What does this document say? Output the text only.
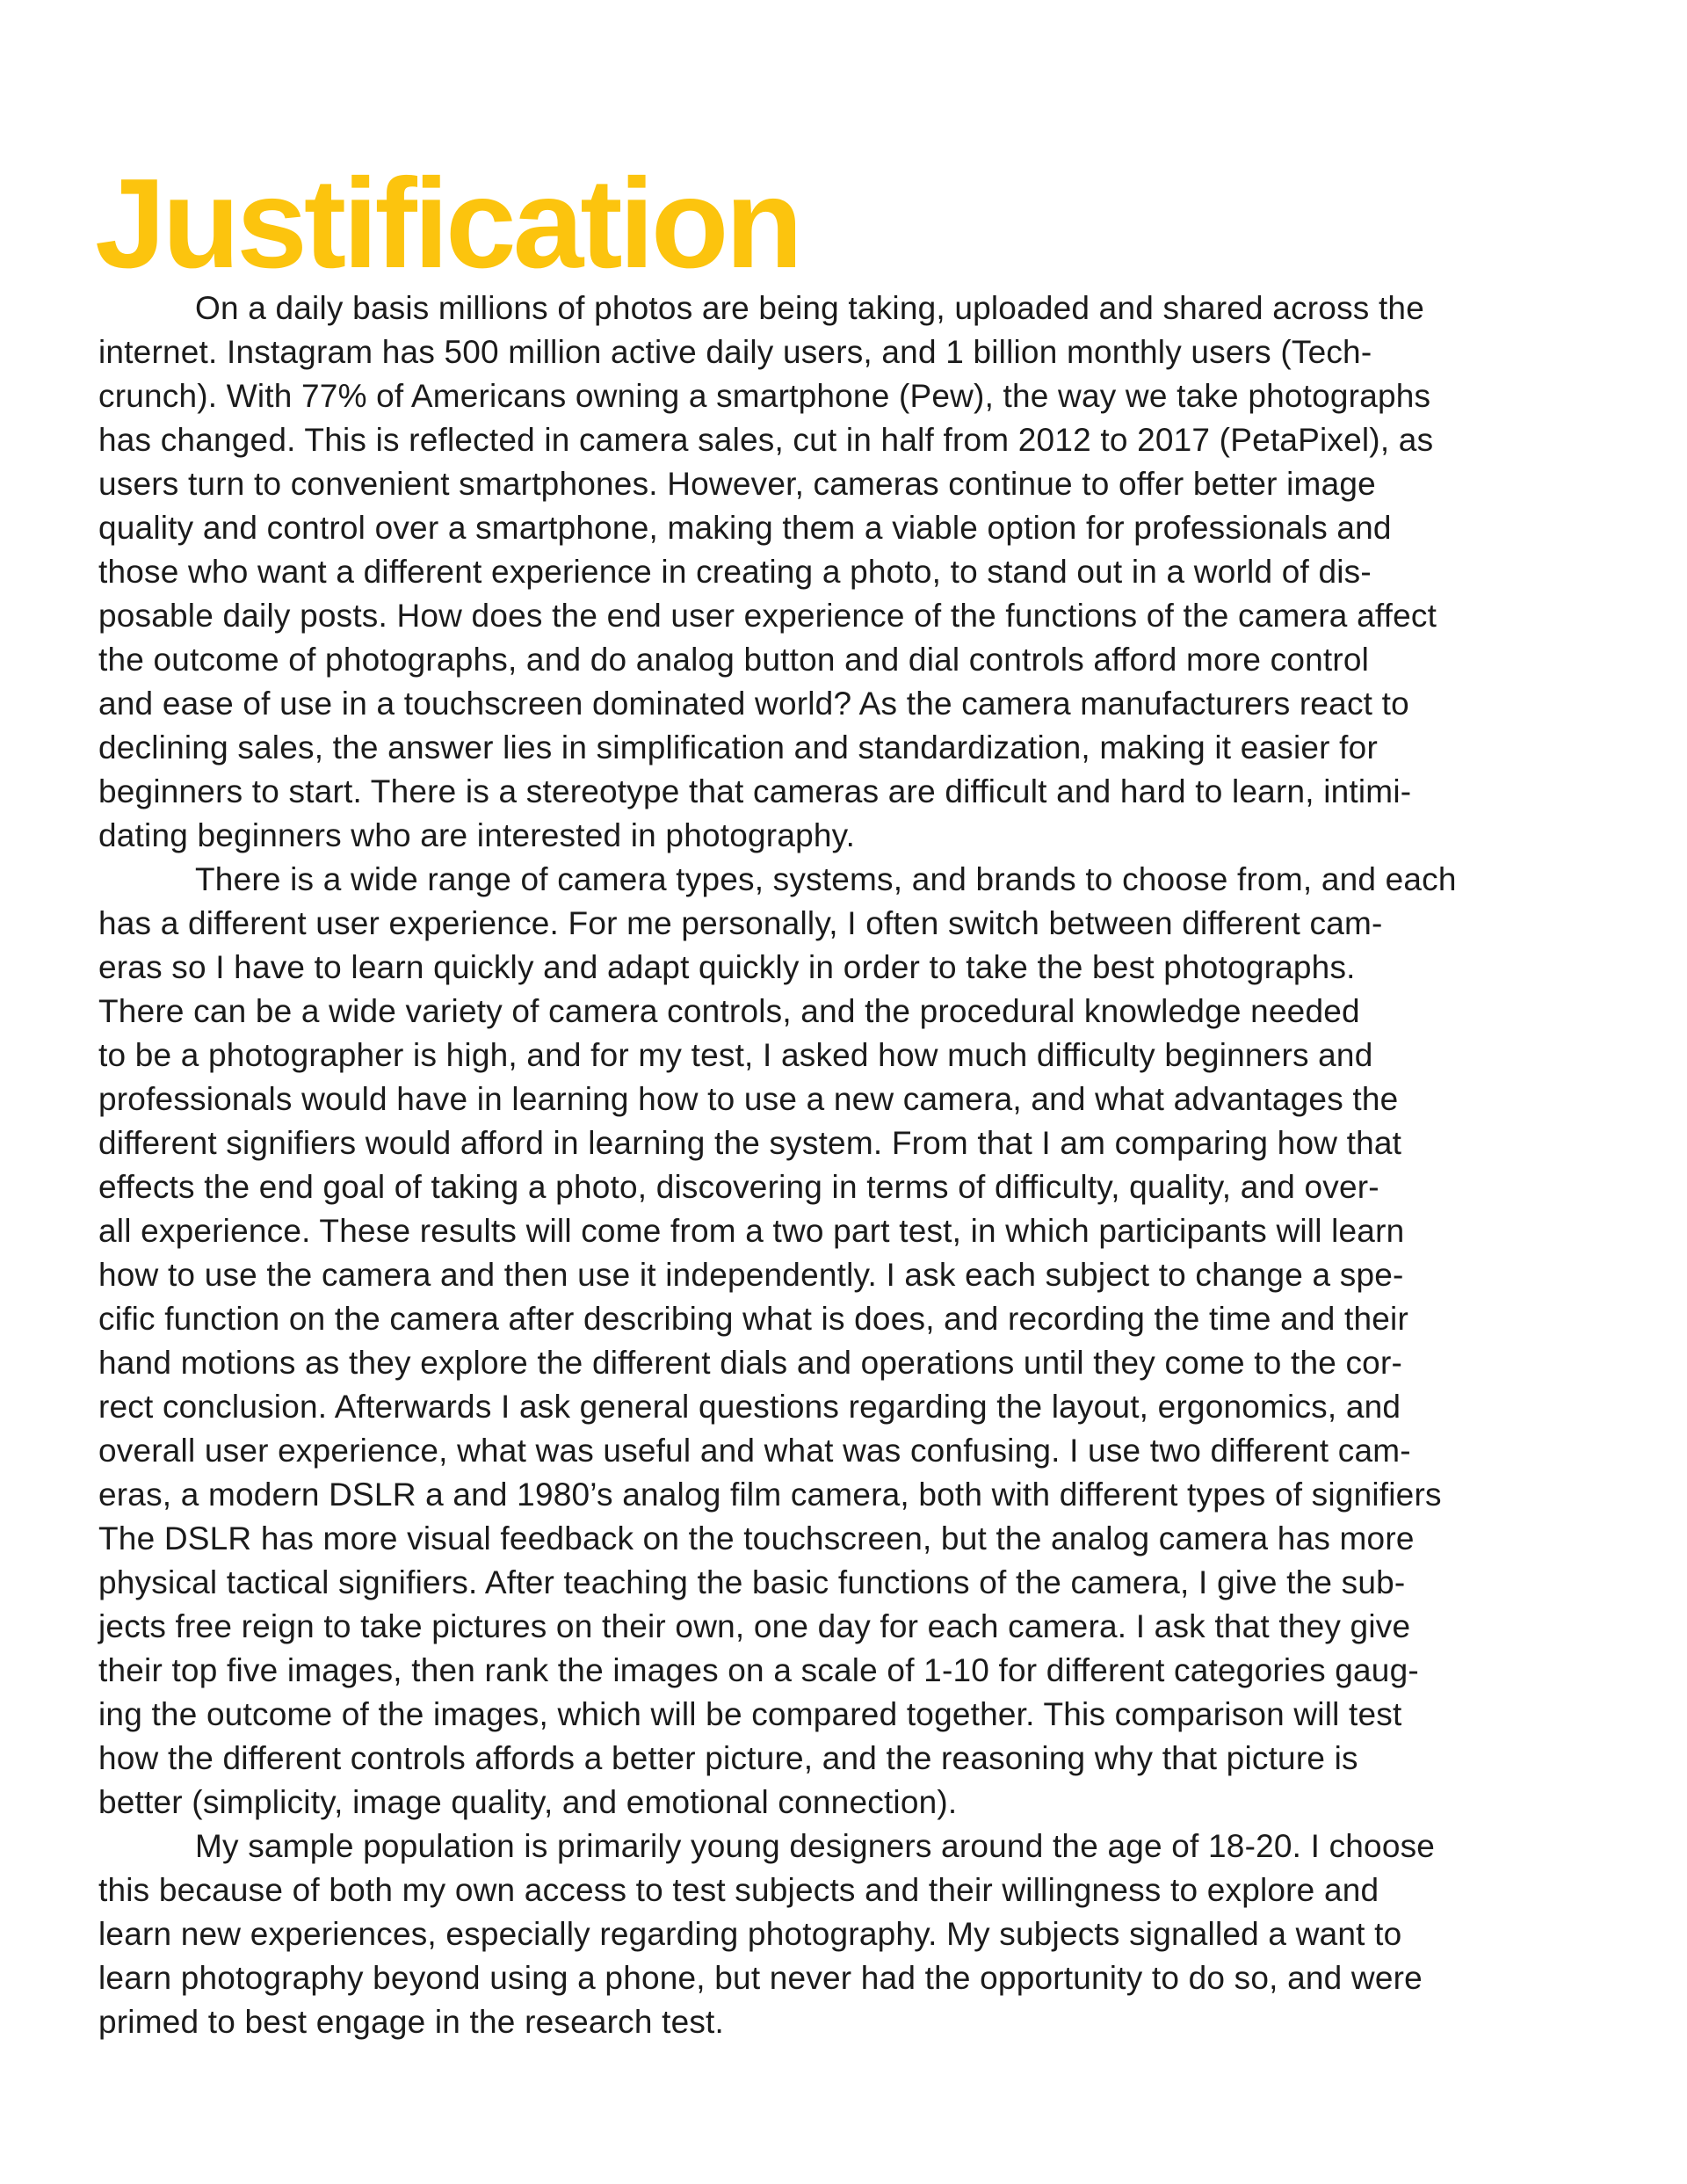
Justification

On a daily basis millions of photos are being taking, uploaded and shared across the
internet. Instagram has 500 million active daily users, and 1 billion monthly users (Tech-
crunch). With 77% of Americans owning a smartphone (Pew), the way we take photographs
has changed. This is reflected in camera sales, cut in half from 2012 to 2017 (PetaPixel), as
users turn to convenient smartphones. However, cameras continue to offer better image
quality and control over a smartphone, making them a viable option for professionals and
those who want a different experience in creating a photo, to stand out in a world of dis-
posable daily posts. How does the end user experience of the functions of the camera affect
the outcome of photographs, and do analog button and dial controls afford more control
and ease of use in a touchscreen dominated world? As the camera manufacturers react to
declining sales, the answer lies in simplification and standardization, making it easier for
beginners to start. There is a stereotype that cameras are difficult and hard to learn, intimi-
dating beginners who are interested in photography.

There is a wide range of camera types, systems, and brands to choose from, and each
has a different user experience. For me personally, I often switch between different cam-
eras so I have to learn quickly and adapt quickly in order to take the best photographs.
There can be a wide variety of camera controls, and the procedural knowledge needed
to be a photographer is high, and for my test, I asked how much difficulty beginners and
professionals would have in learning how to use a new camera, and what advantages the
different signifiers would afford in learning the system. From that I am comparing how that
effects the end goal of taking a photo, discovering in terms of difficulty, quality, and over-
all experience. These results will come from a two part test, in which participants will learn
how to use the camera and then use it independently. I ask each subject to change a spe-
cific function on the camera after describing what is does, and recording the time and their
hand motions as they explore the different dials and operations until they come to the cor-
rect conclusion. Afterwards I ask general questions regarding the layout, ergonomics, and
overall user experience, what was useful and what was confusing. I use two different cam-
eras, a modern DSLR a and 1980’s analog film camera, both with different types of signifiers
The DSLR has more visual feedback on the touchscreen, but the analog camera has more
physical tactical signifiers. After teaching the basic functions of the camera, I give the sub-
jects free reign to take pictures on their own, one day for each camera. I ask that they give
their top five images, then rank the images on a scale of 1-10 for different categories gaug-
ing the outcome of the images, which will be compared together. This comparison will test
how the different controls affords a better picture, and the reasoning why that picture is
better (simplicity, image quality, and emotional connection).

My sample population is primarily young designers around the age of 18-20. I choose
this because of both my own access to test subjects and their willingness to explore and
learn new experiences, especially regarding photography. My subjects signalled a want to
learn photography beyond using a phone, but never had the opportunity to do so, and were
primed to best engage in the research test.
